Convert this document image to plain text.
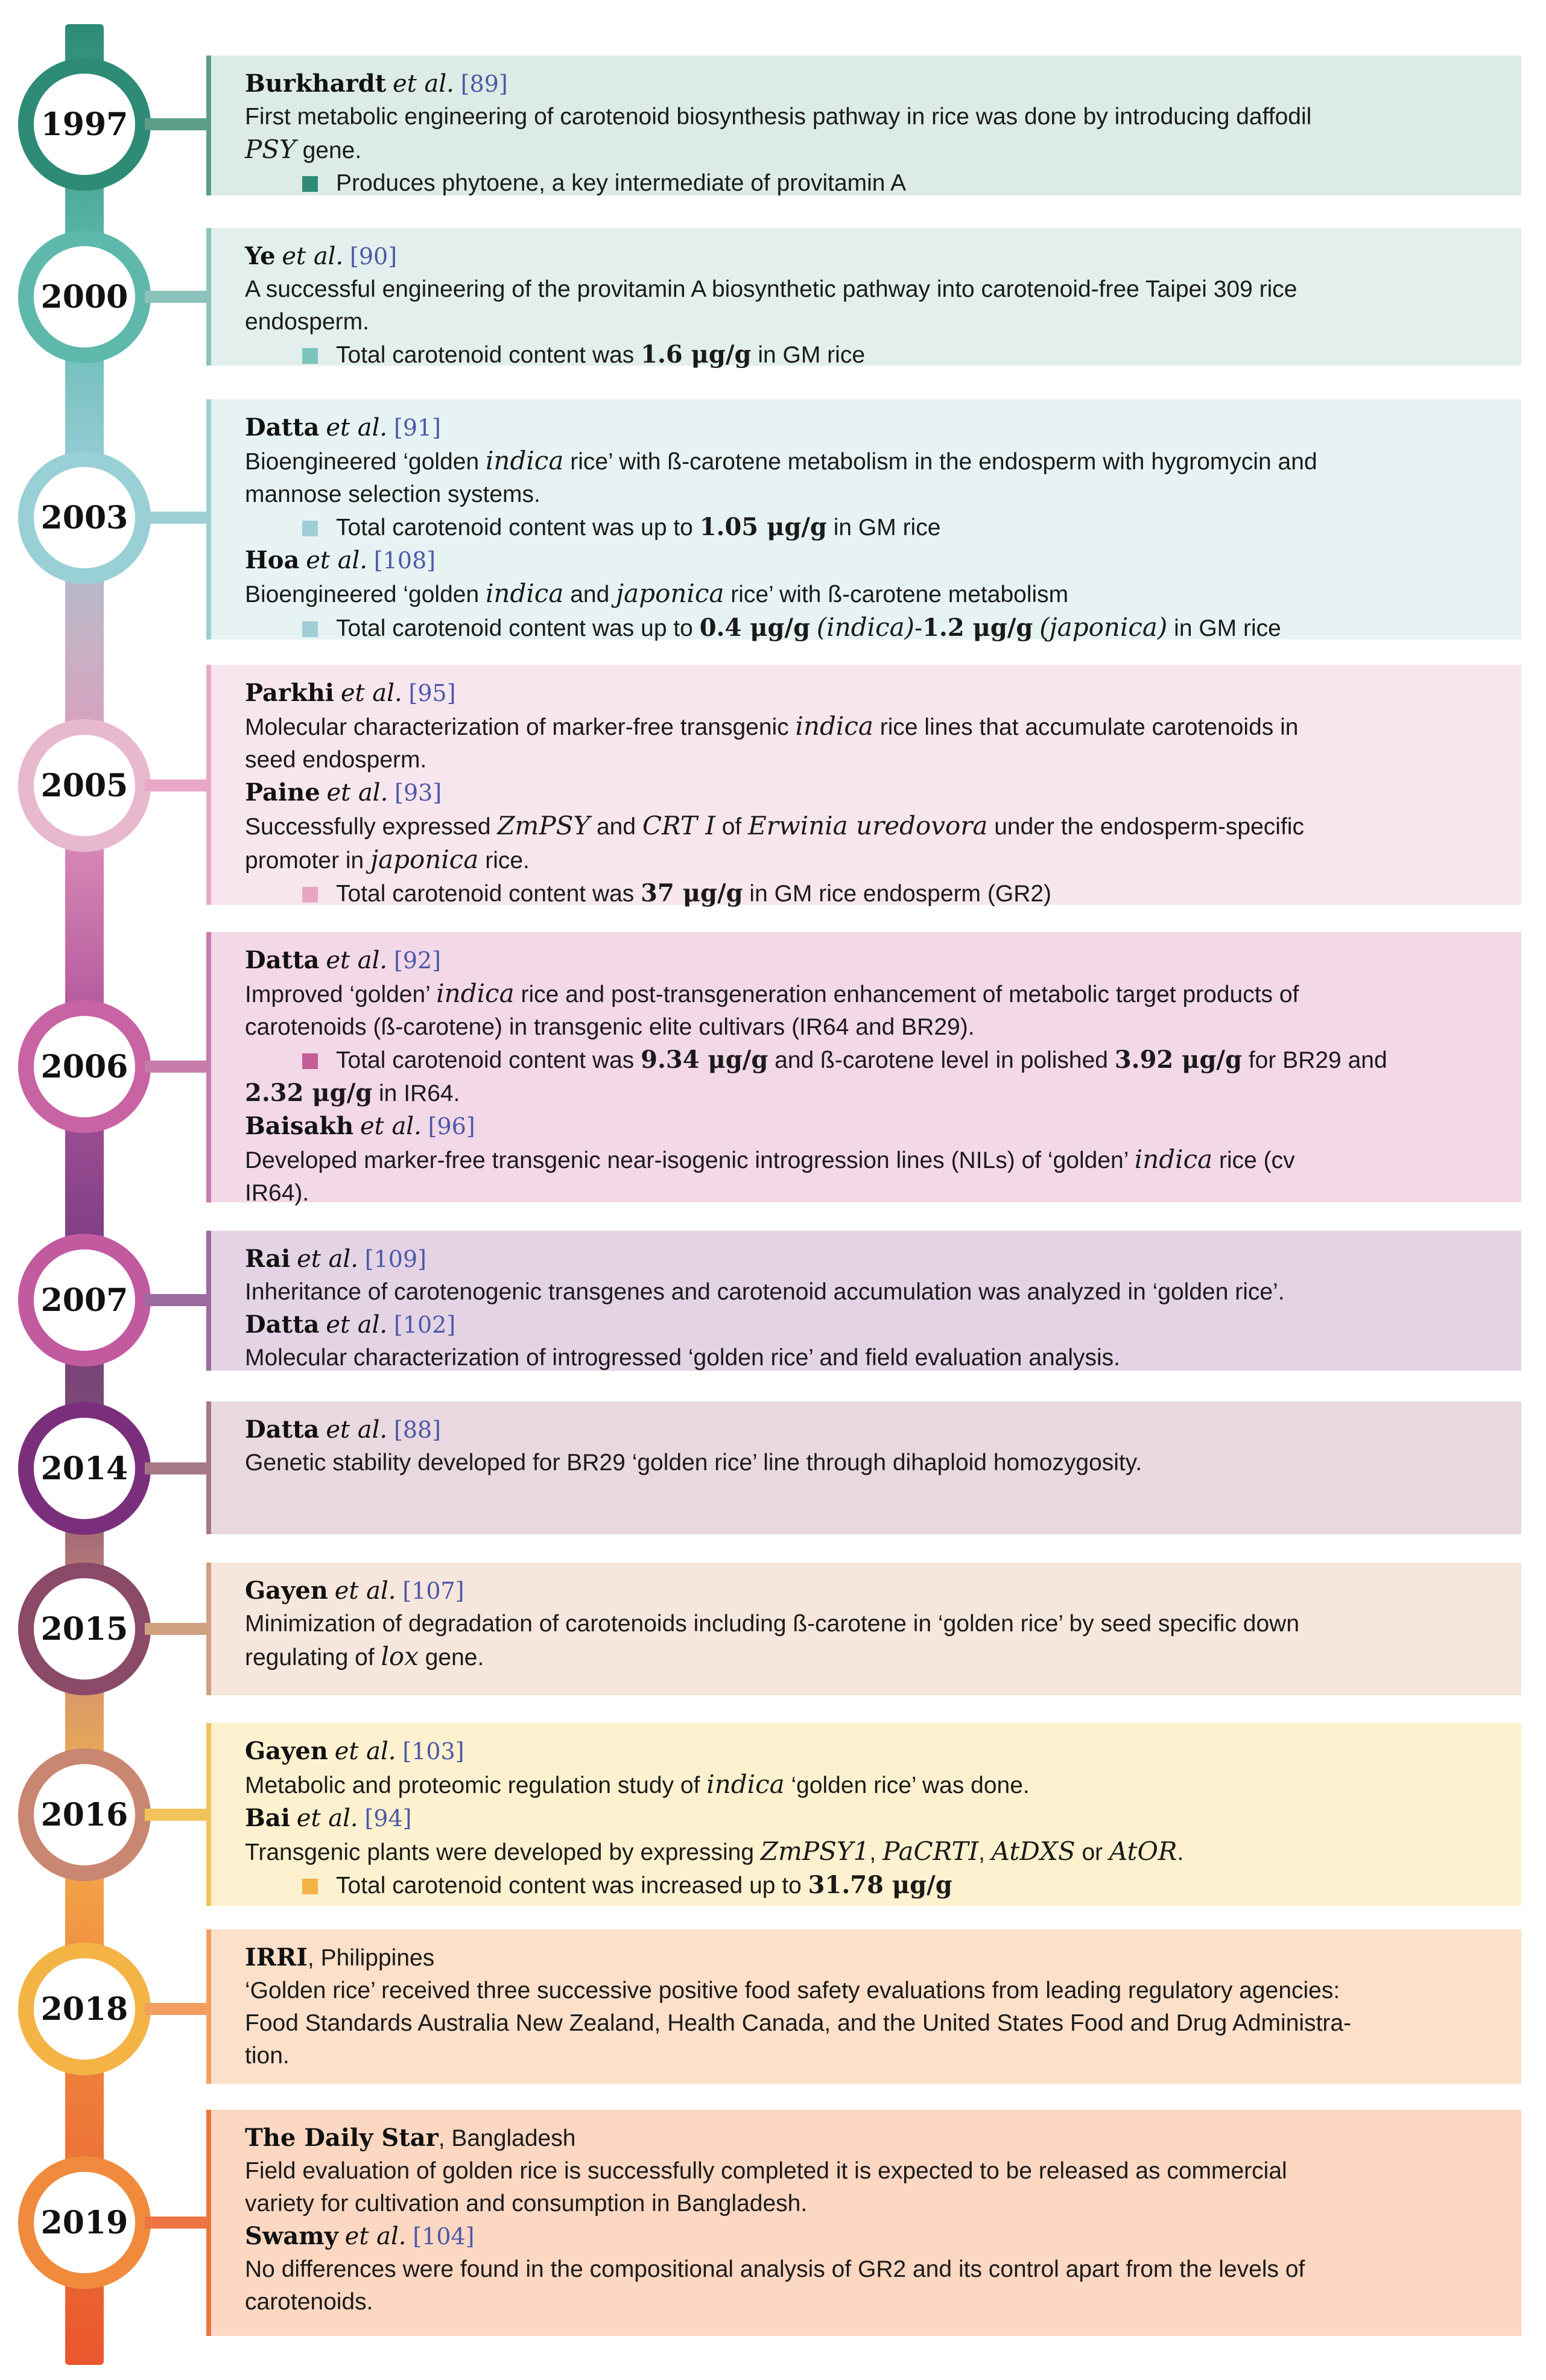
1997
Burkhardt et al. [89]
First metabolic engineering of carotenoid biosynthesis pathway in rice was done by introducing daffodil
PSY gene.
Produces phytoene, a key intermediate of provitamin A
2000
Ye et al. [90]
A successful engineering of the provitamin A biosynthetic pathway into carotenoid-free Taipei 309 rice
endosperm.
Total carotenoid content was 1.6 μg/g in GM rice
2003
Datta et al. [91]
Bioengineered ‘golden indica rice’ with ß-carotene metabolism in the endosperm with hygromycin and
mannose selection systems.
Total carotenoid content was up to 1.05 μg/g in GM rice
Hoa et al. [108]
Bioengineered ‘golden indica and japonica rice’ with ß-carotene metabolism
Total carotenoid content was up to 0.4 μg/g (indica)-1.2 μg/g (japonica) in GM rice
2005
Parkhi et al. [95]
Molecular characterization of marker-free transgenic indica rice lines that accumulate carotenoids in
seed endosperm.
Paine et al. [93]
Successfully expressed ZmPSY and CRT I of Erwinia uredovora under the endosperm-specific
promoter in japonica rice.
Total carotenoid content was 37 μg/g in GM rice endosperm (GR2)
2006
Datta et al. [92]
Improved ‘golden’ indica rice and post-transgeneration enhancement of metabolic target products of
carotenoids (ß-carotene) in transgenic elite cultivars (IR64 and BR29).
Total carotenoid content was 9.34 μg/g and ß-carotene level in polished 3.92 μg/g for BR29 and
2.32 μg/g in IR64.
Baisakh et al. [96]
Developed marker-free transgenic near-isogenic introgression lines (NILs) of ‘golden’ indica rice (cv
IR64).
2007
Rai et al. [109]
Inheritance of carotenogenic transgenes and carotenoid accumulation was analyzed in ‘golden rice’.
Datta et al. [102]
Molecular characterization of introgressed ‘golden rice’ and field evaluation analysis.
2014
Datta et al. [88]
Genetic stability developed for BR29 ‘golden rice’ line through dihaploid homozygosity.
2015
Gayen et al. [107]
Minimization of degradation of carotenoids including ß-carotene in ‘golden rice’ by seed specific down
regulating of lox gene.
2016
Gayen et al. [103]
Metabolic and proteomic regulation study of indica ‘golden rice’ was done.
Bai et al. [94]
Transgenic plants were developed by expressing ZmPSY1, PaCRTI, AtDXS or AtOR.
Total carotenoid content was increased up to 31.78 μg/g
2018
IRRI, Philippines
‘Golden rice’ received three successive positive food safety evaluations from leading regulatory agencies:
Food Standards Australia New Zealand, Health Canada, and the United States Food and Drug Administra-
tion.
2019
The Daily Star, Bangladesh
Field evaluation of golden rice is successfully completed it is expected to be released as commercial
variety for cultivation and consumption in Bangladesh.
Swamy et al. [104]
No differences were found in the compositional analysis of GR2 and its control apart from the levels of
carotenoids.
